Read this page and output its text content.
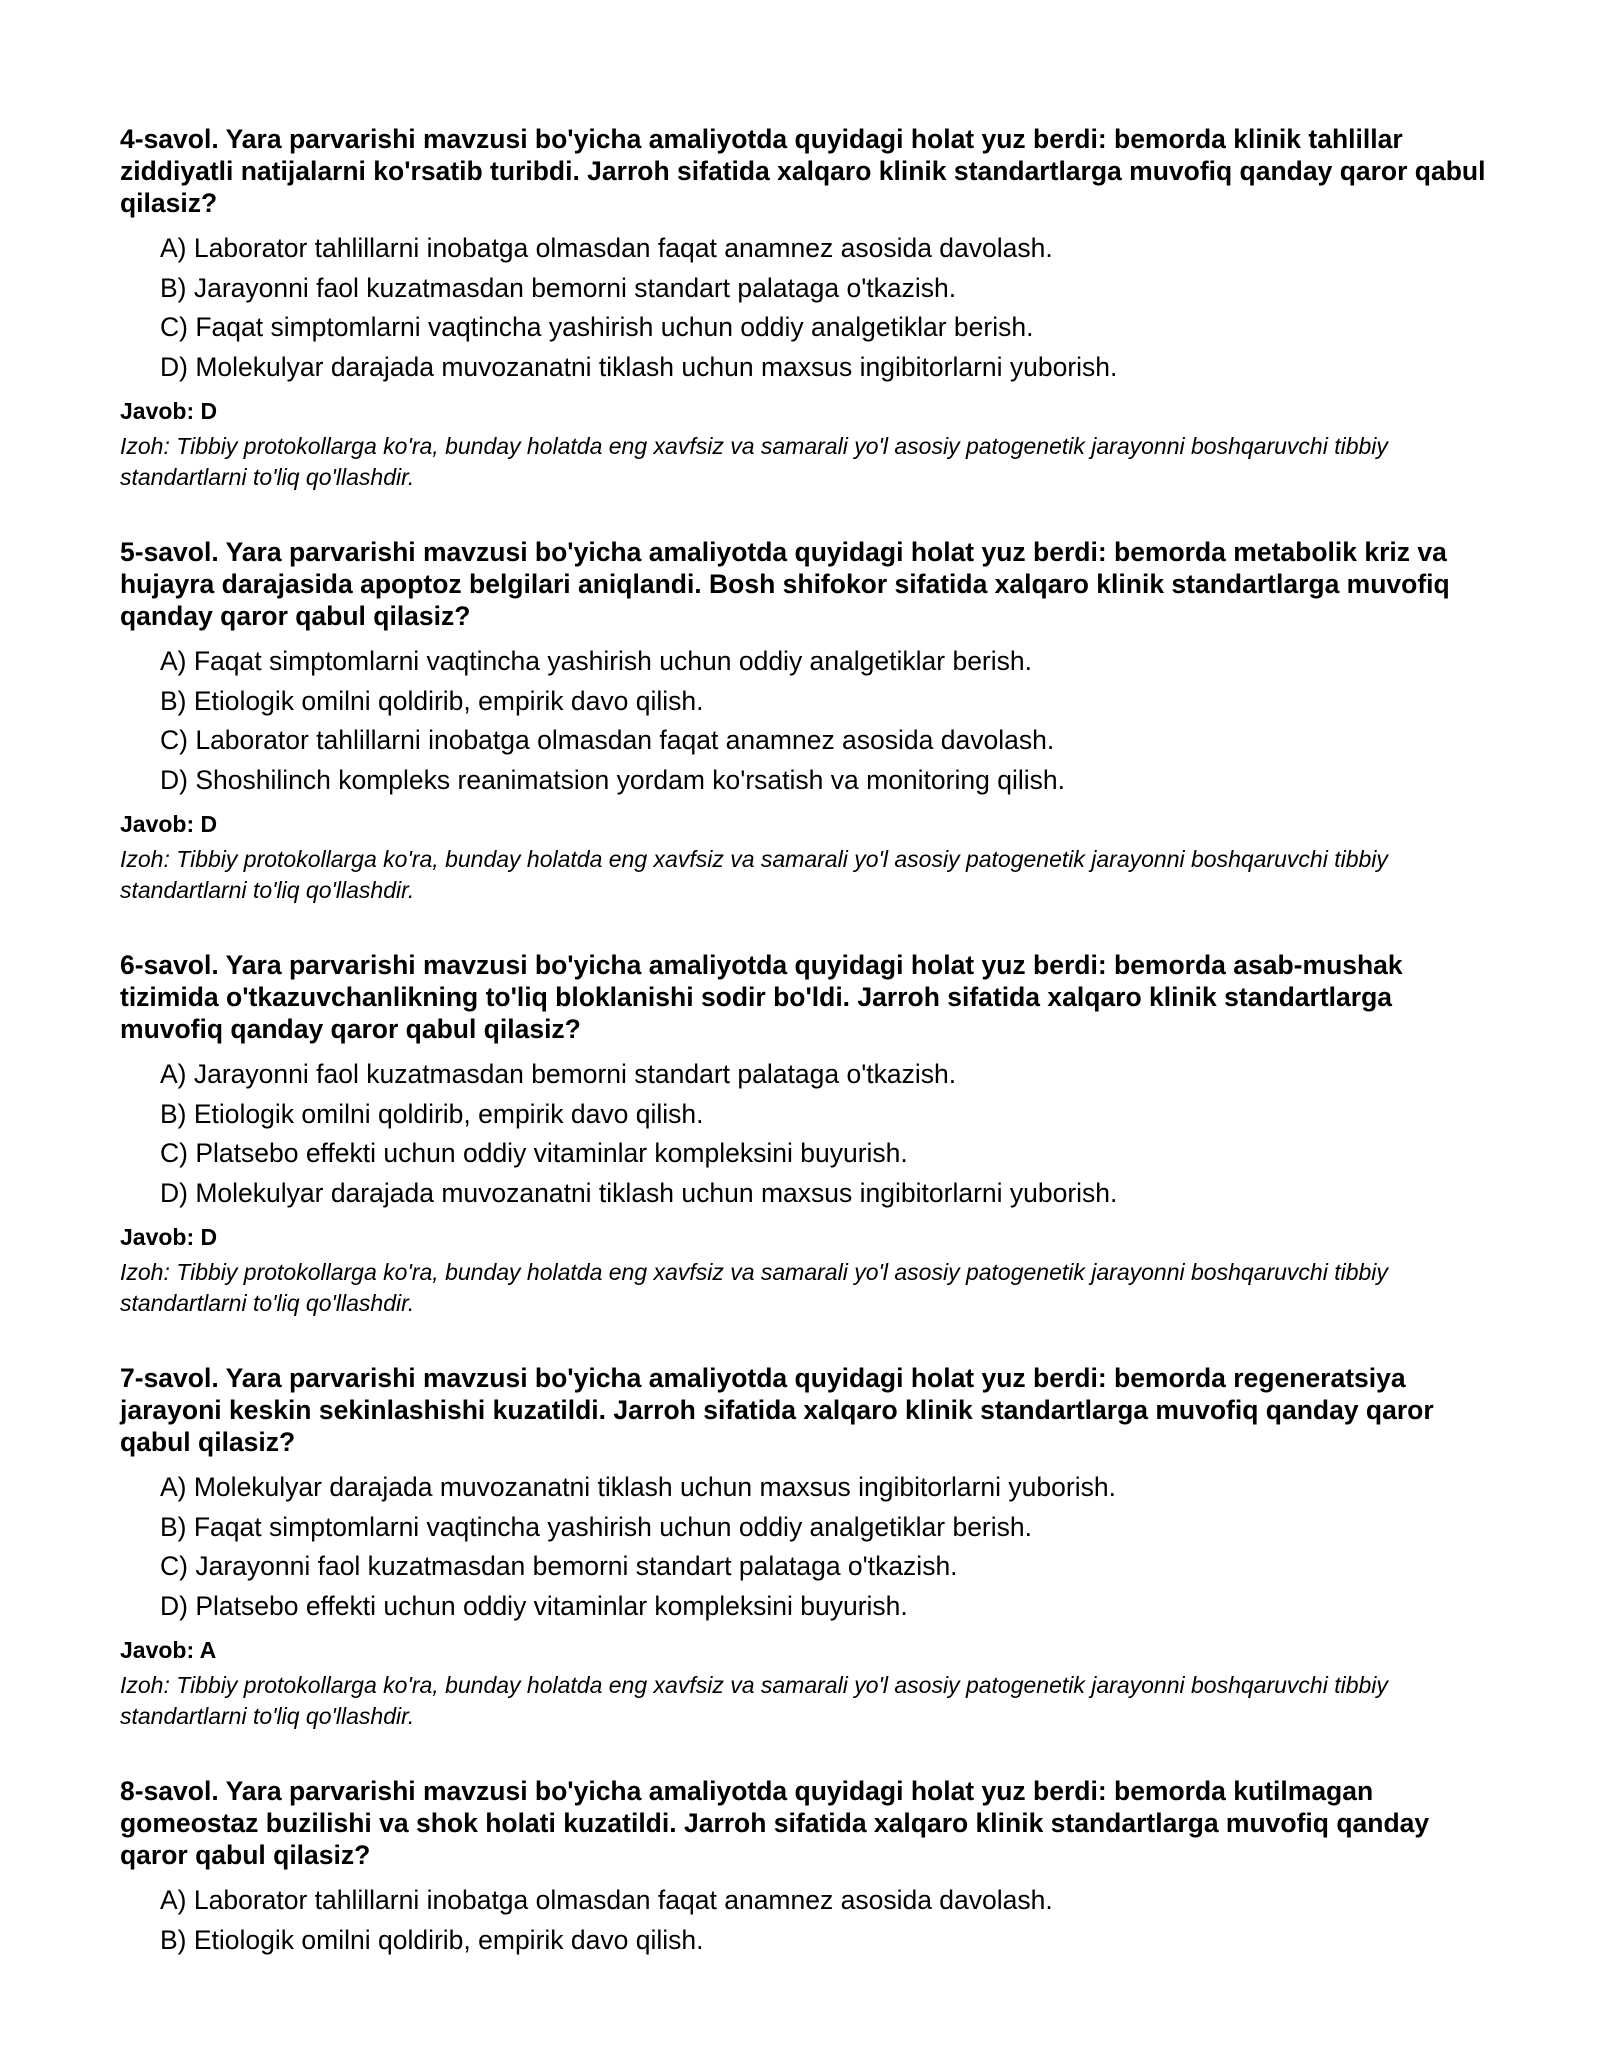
4-savol. Yara parvarishi mavzusi bo'yicha amaliyotda quyidagi holat yuz berdi: bemorda klinik tahlillar ziddiyatli natijalarni ko'rsatib turibdi. Jarroh sifatida xalqaro klinik standartlarga muvofiq qanday qaror qabul qilasiz?
A) Laborator tahlillarni inobatga olmasdan faqat anamnez asosida davolash.
B) Jarayonni faol kuzatmasdan bemorni standart palataga o'tkazish.
C) Faqat simptomlarni vaqtincha yashirish uchun oddiy analgetiklar berish.
D) Molekulyar darajada muvozanatni tiklash uchun maxsus ingibitorlarni yuborish.
Javob: D

Izoh: Tibbiy protokollarga ko'ra, bunday holatda eng xavfsiz va samarali yo'l asosiy patogenetik jarayonni boshqaruvchi tibbiy standartlarni to'liq qo'llashdir.

5-savol. Yara parvarishi mavzusi bo'yicha amaliyotda quyidagi holat yuz berdi: bemorda metabolik kriz va hujayra darajasida apoptoz belgilari aniqlandi. Bosh shifokor sifatida xalqaro klinik standartlarga muvofiq qanday qaror qabul qilasiz?
A) Faqat simptomlarni vaqtincha yashirish uchun oddiy analgetiklar berish.
B) Etiologik omilni qoldirib, empirik davo qilish.
C) Laborator tahlillarni inobatga olmasdan faqat anamnez asosida davolash.
D) Shoshilinch kompleks reanimatsion yordam ko'rsatish va monitoring qilish.
Javob: D

Izoh: Tibbiy protokollarga ko'ra, bunday holatda eng xavfsiz va samarali yo'l asosiy patogenetik jarayonni boshqaruvchi tibbiy standartlarni to'liq qo'llashdir.

6-savol. Yara parvarishi mavzusi bo'yicha amaliyotda quyidagi holat yuz berdi: bemorda asab-mushak tizimida o'tkazuvchanlikning to'liq bloklanishi sodir bo'ldi. Jarroh sifatida xalqaro klinik standartlarga muvofiq qanday qaror qabul qilasiz?
A) Jarayonni faol kuzatmasdan bemorni standart palataga o'tkazish.
B) Etiologik omilni qoldirib, empirik davo qilish.
C) Platsebo effekti uchun oddiy vitaminlar kompleksini buyurish.
D) Molekulyar darajada muvozanatni tiklash uchun maxsus ingibitorlarni yuborish.
Javob: D

Izoh: Tibbiy protokollarga ko'ra, bunday holatda eng xavfsiz va samarali yo'l asosiy patogenetik jarayonni boshqaruvchi tibbiy standartlarni to'liq qo'llashdir.

7-savol. Yara parvarishi mavzusi bo'yicha amaliyotda quyidagi holat yuz berdi: bemorda regeneratsiya jarayoni keskin sekinlashishi kuzatildi. Jarroh sifatida xalqaro klinik standartlarga muvofiq qanday qaror qabul qilasiz?
A) Molekulyar darajada muvozanatni tiklash uchun maxsus ingibitorlarni yuborish.
B) Faqat simptomlarni vaqtincha yashirish uchun oddiy analgetiklar berish.
C) Jarayonni faol kuzatmasdan bemorni standart palataga o'tkazish.
D) Platsebo effekti uchun oddiy vitaminlar kompleksini buyurish.
Javob: A

Izoh: Tibbiy protokollarga ko'ra, bunday holatda eng xavfsiz va samarali yo'l asosiy patogenetik jarayonni boshqaruvchi tibbiy standartlarni to'liq qo'llashdir.

8-savol. Yara parvarishi mavzusi bo'yicha amaliyotda quyidagi holat yuz berdi: bemorda kutilmagan gomeostaz buzilishi va shok holati kuzatildi. Jarroh sifatida xalqaro klinik standartlarga muvofiq qanday qaror qabul qilasiz?
A) Laborator tahlillarni inobatga olmasdan faqat anamnez asosida davolash.
B) Etiologik omilni qoldirib, empirik davo qilish.
